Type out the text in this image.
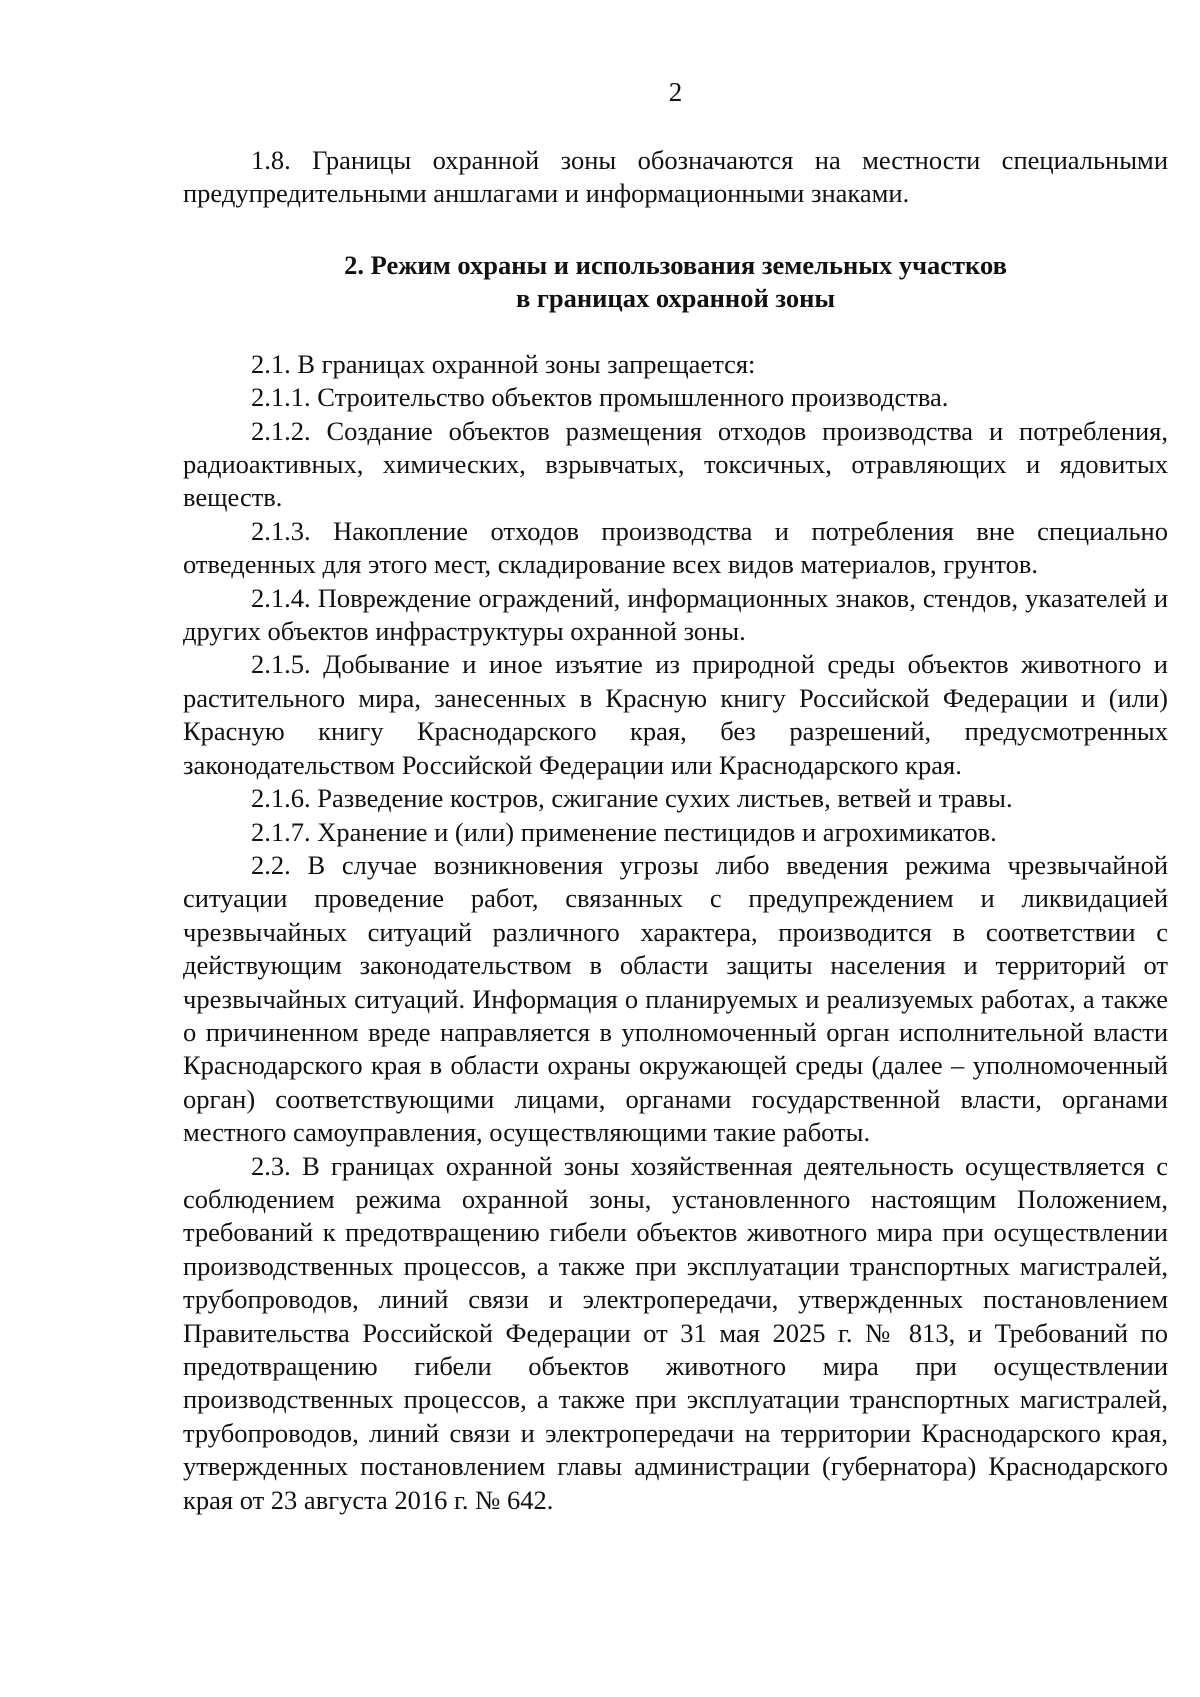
2

1.8. Границы охранной зоны обозначаются на местности специальными предупредительными аншлагами и информационными знаками.

2. Режим охраны и использования земельных участков
в границах охранной зоны

2.1. В границах охранной зоны запрещается:

2.1.1. Строительство объектов промышленного производства.

2.1.2. Создание объектов размещения отходов производства и потребления, радиоактивных, химических, взрывчатых, токсичных, отравляющих и ядовитых веществ.

2.1.3. Накопление отходов производства и потребления вне специально отведенных для этого мест, складирование всех видов материалов, грунтов.

2.1.4. Повреждение ограждений, информационных знаков, стендов, указателей и других объектов инфраструктуры охранной зоны.

2.1.5. Добывание и иное изъятие из природной среды объектов животного и растительного мира, занесенных в Красную книгу Российской Федерации и (или) Красную книгу Краснодарского края, без разрешений, предусмотренных законодательством Российской Федерации или Краснодарского края.

2.1.6. Разведение костров, сжигание сухих листьев, ветвей и травы.

2.1.7. Хранение и (или) применение пестицидов и агрохимикатов.

2.2. В случае возникновения угрозы либо введения режима чрезвычайной ситуации проведение работ, связанных с предупреждением и ликвидацией чрезвычайных ситуаций различного характера, производится в соответствии с действующим законодательством в области защиты населения и территорий от чрезвычайных ситуаций. Информация о планируемых и реализуемых работах, а также о причиненном вреде направляется в уполномоченный орган исполнительной власти Краснодарского края в области охраны окружающей среды (далее – уполномоченный орган) соответствующими лицами, органами государственной власти, органами местного самоуправления, осуществляющими такие работы.

2.3. В границах охранной зоны хозяйственная деятельность осуществляется с соблюдением режима охранной зоны, установленного настоящим Положением, требований к предотвращению гибели объектов животного мира при осуществлении производственных процессов, а также при эксплуатации транспортных магистралей, трубопроводов, линий связи и электропередачи, утвержденных постановлением Правительства Российской Федерации от 31 мая 2025 г. № 813, и Требований по предотвращению гибели объектов животного мира при осуществлении производственных процессов, а также при эксплуатации транспортных магистралей, трубопроводов, линий связи и электропередачи на территории Краснодарского края, утвержденных постановлением главы администрации (губернатора) Краснодарского края от 23 августа 2016 г. № 642.
